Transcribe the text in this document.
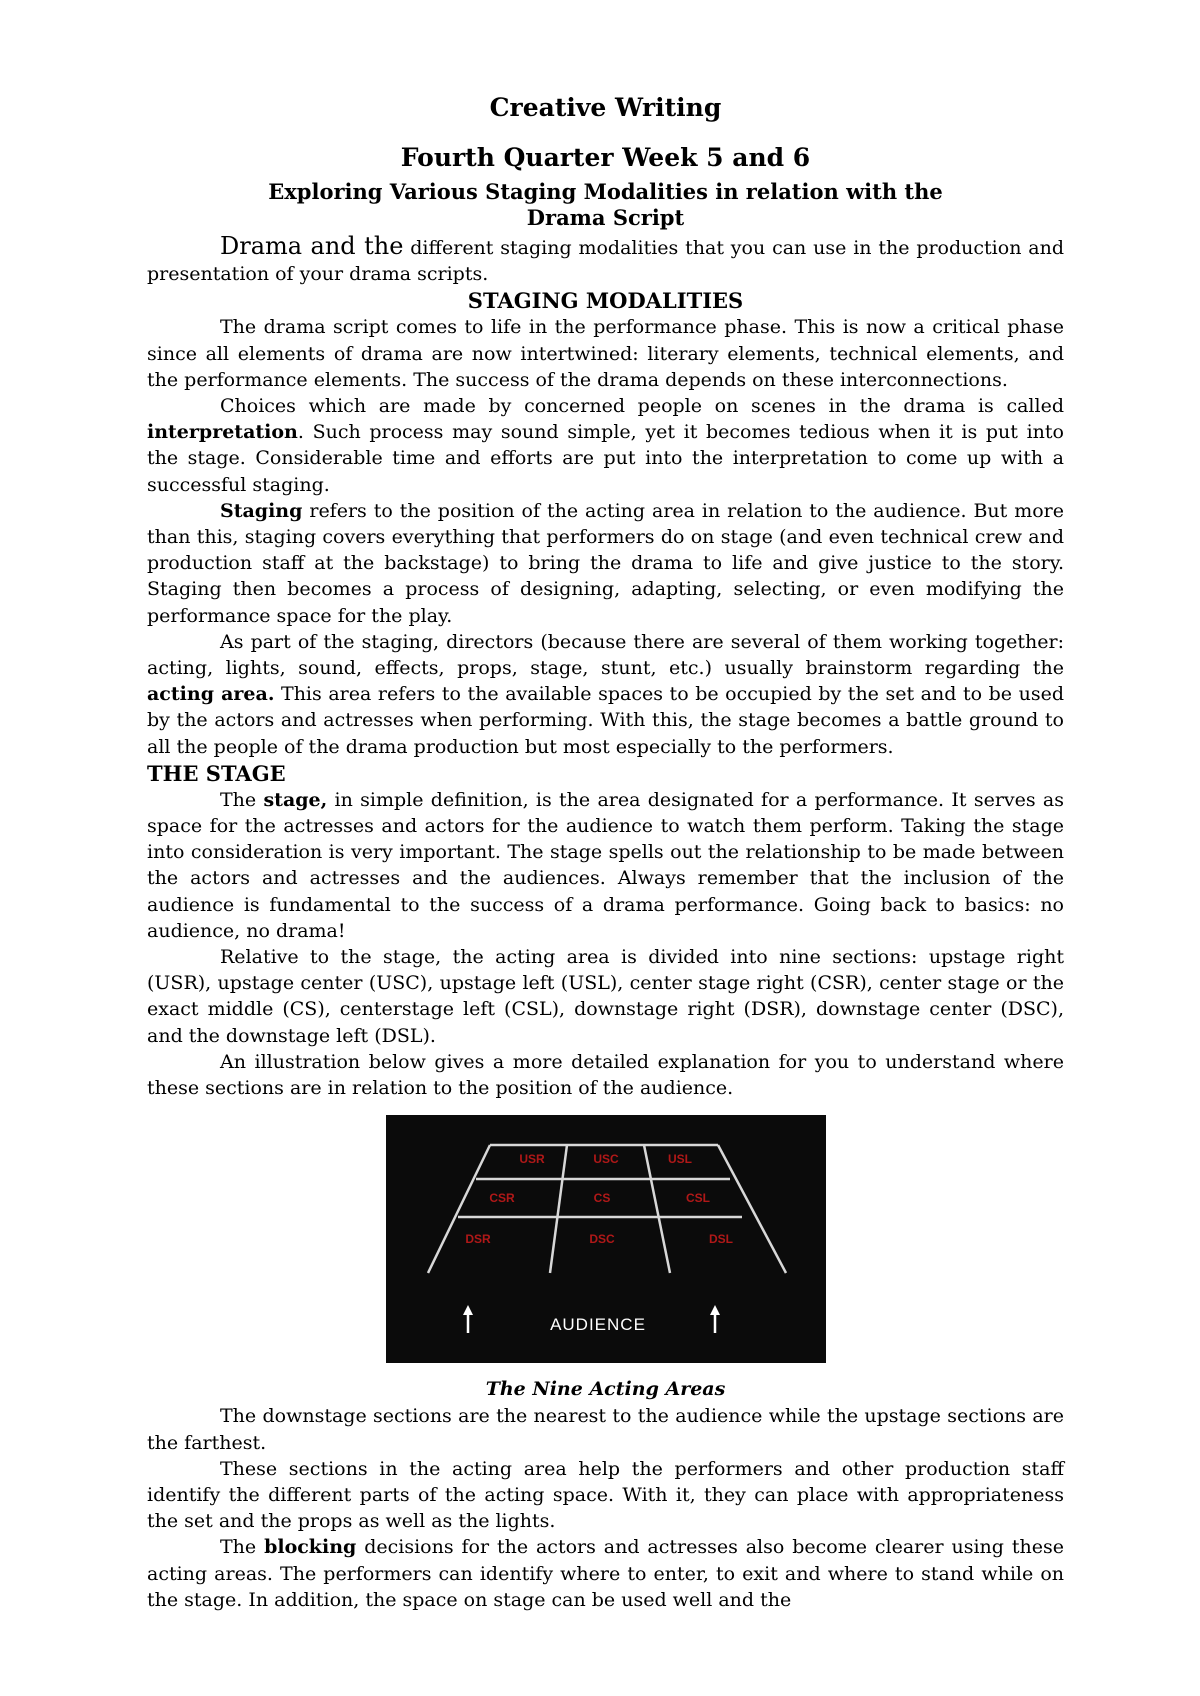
Creative Writing
Fourth Quarter Week 5 and 6
Exploring Various Staging Modalities in relation with the
Drama Script

Drama and the different staging modalities that you can use in the production and presentation of your drama scripts.

STAGING MODALITIES

The drama script comes to life in the performance phase. This is now a critical phase since all elements of drama are now intertwined: literary elements, technical elements, and the performance elements. The success of the drama depends on these interconnections.

Choices which are made by concerned people on scenes in the drama is called interpretation. Such process may sound simple, yet it becomes tedious when it is put into the stage. Considerable time and efforts are put into the interpretation to come up with a successful staging.

Staging refers to the position of the acting area in relation to the audience. But more than this, staging covers everything that performers do on stage (and even technical crew and production staff at the backstage) to bring the drama to life and give justice to the story. Staging then becomes a process of designing, adapting, selecting, or even modifying the performance space for the play.

As part of the staging, directors (because there are several of them working together: acting, lights, sound, effects, props, stage, stunt, etc.) usually brainstorm regarding the acting area. This area refers to the available spaces to be occupied by the set and to be used by the actors and actresses when performing. With this, the stage becomes a battle ground to all the people of the drama production but most especially to the performers.

THE STAGE

The stage, in simple definition, is the area designated for a performance. It serves as space for the actresses and actors for the audience to watch them perform. Taking the stage into consideration is very important. The stage spells out the relationship to be made between the actors and actresses and the audiences. Always remember that the inclusion of the audience is fundamental to the success of a drama performance. Going back to basics: no audience, no drama!

Relative to the stage, the acting area is divided into nine sections: upstage right (USR), upstage center (USC), upstage left (USL), center stage right (CSR), center stage or the exact middle (CS), centerstage left (CSL), downstage right (DSR), downstage center (DSC), and the downstage left (DSL).

An illustration below gives a more detailed explanation for you to understand where these sections are in relation to the position of the audience.

USR	USC	USL
CSR	CS	CSL
DSR	DSC	DSL
AUDIENCE
The Nine Acting Areas

The downstage sections are the nearest to the audience while the upstage sections are the farthest.

These sections in the acting area help the performers and other production staff identify the different parts of the acting space. With it, they can place with appropriateness the set and the props as well as the lights.

The blocking decisions for the actors and actresses also become clearer using these acting areas. The performers can identify where to enter, to exit and where to stand while on the stage. In addition, the space on stage can be used well and the
